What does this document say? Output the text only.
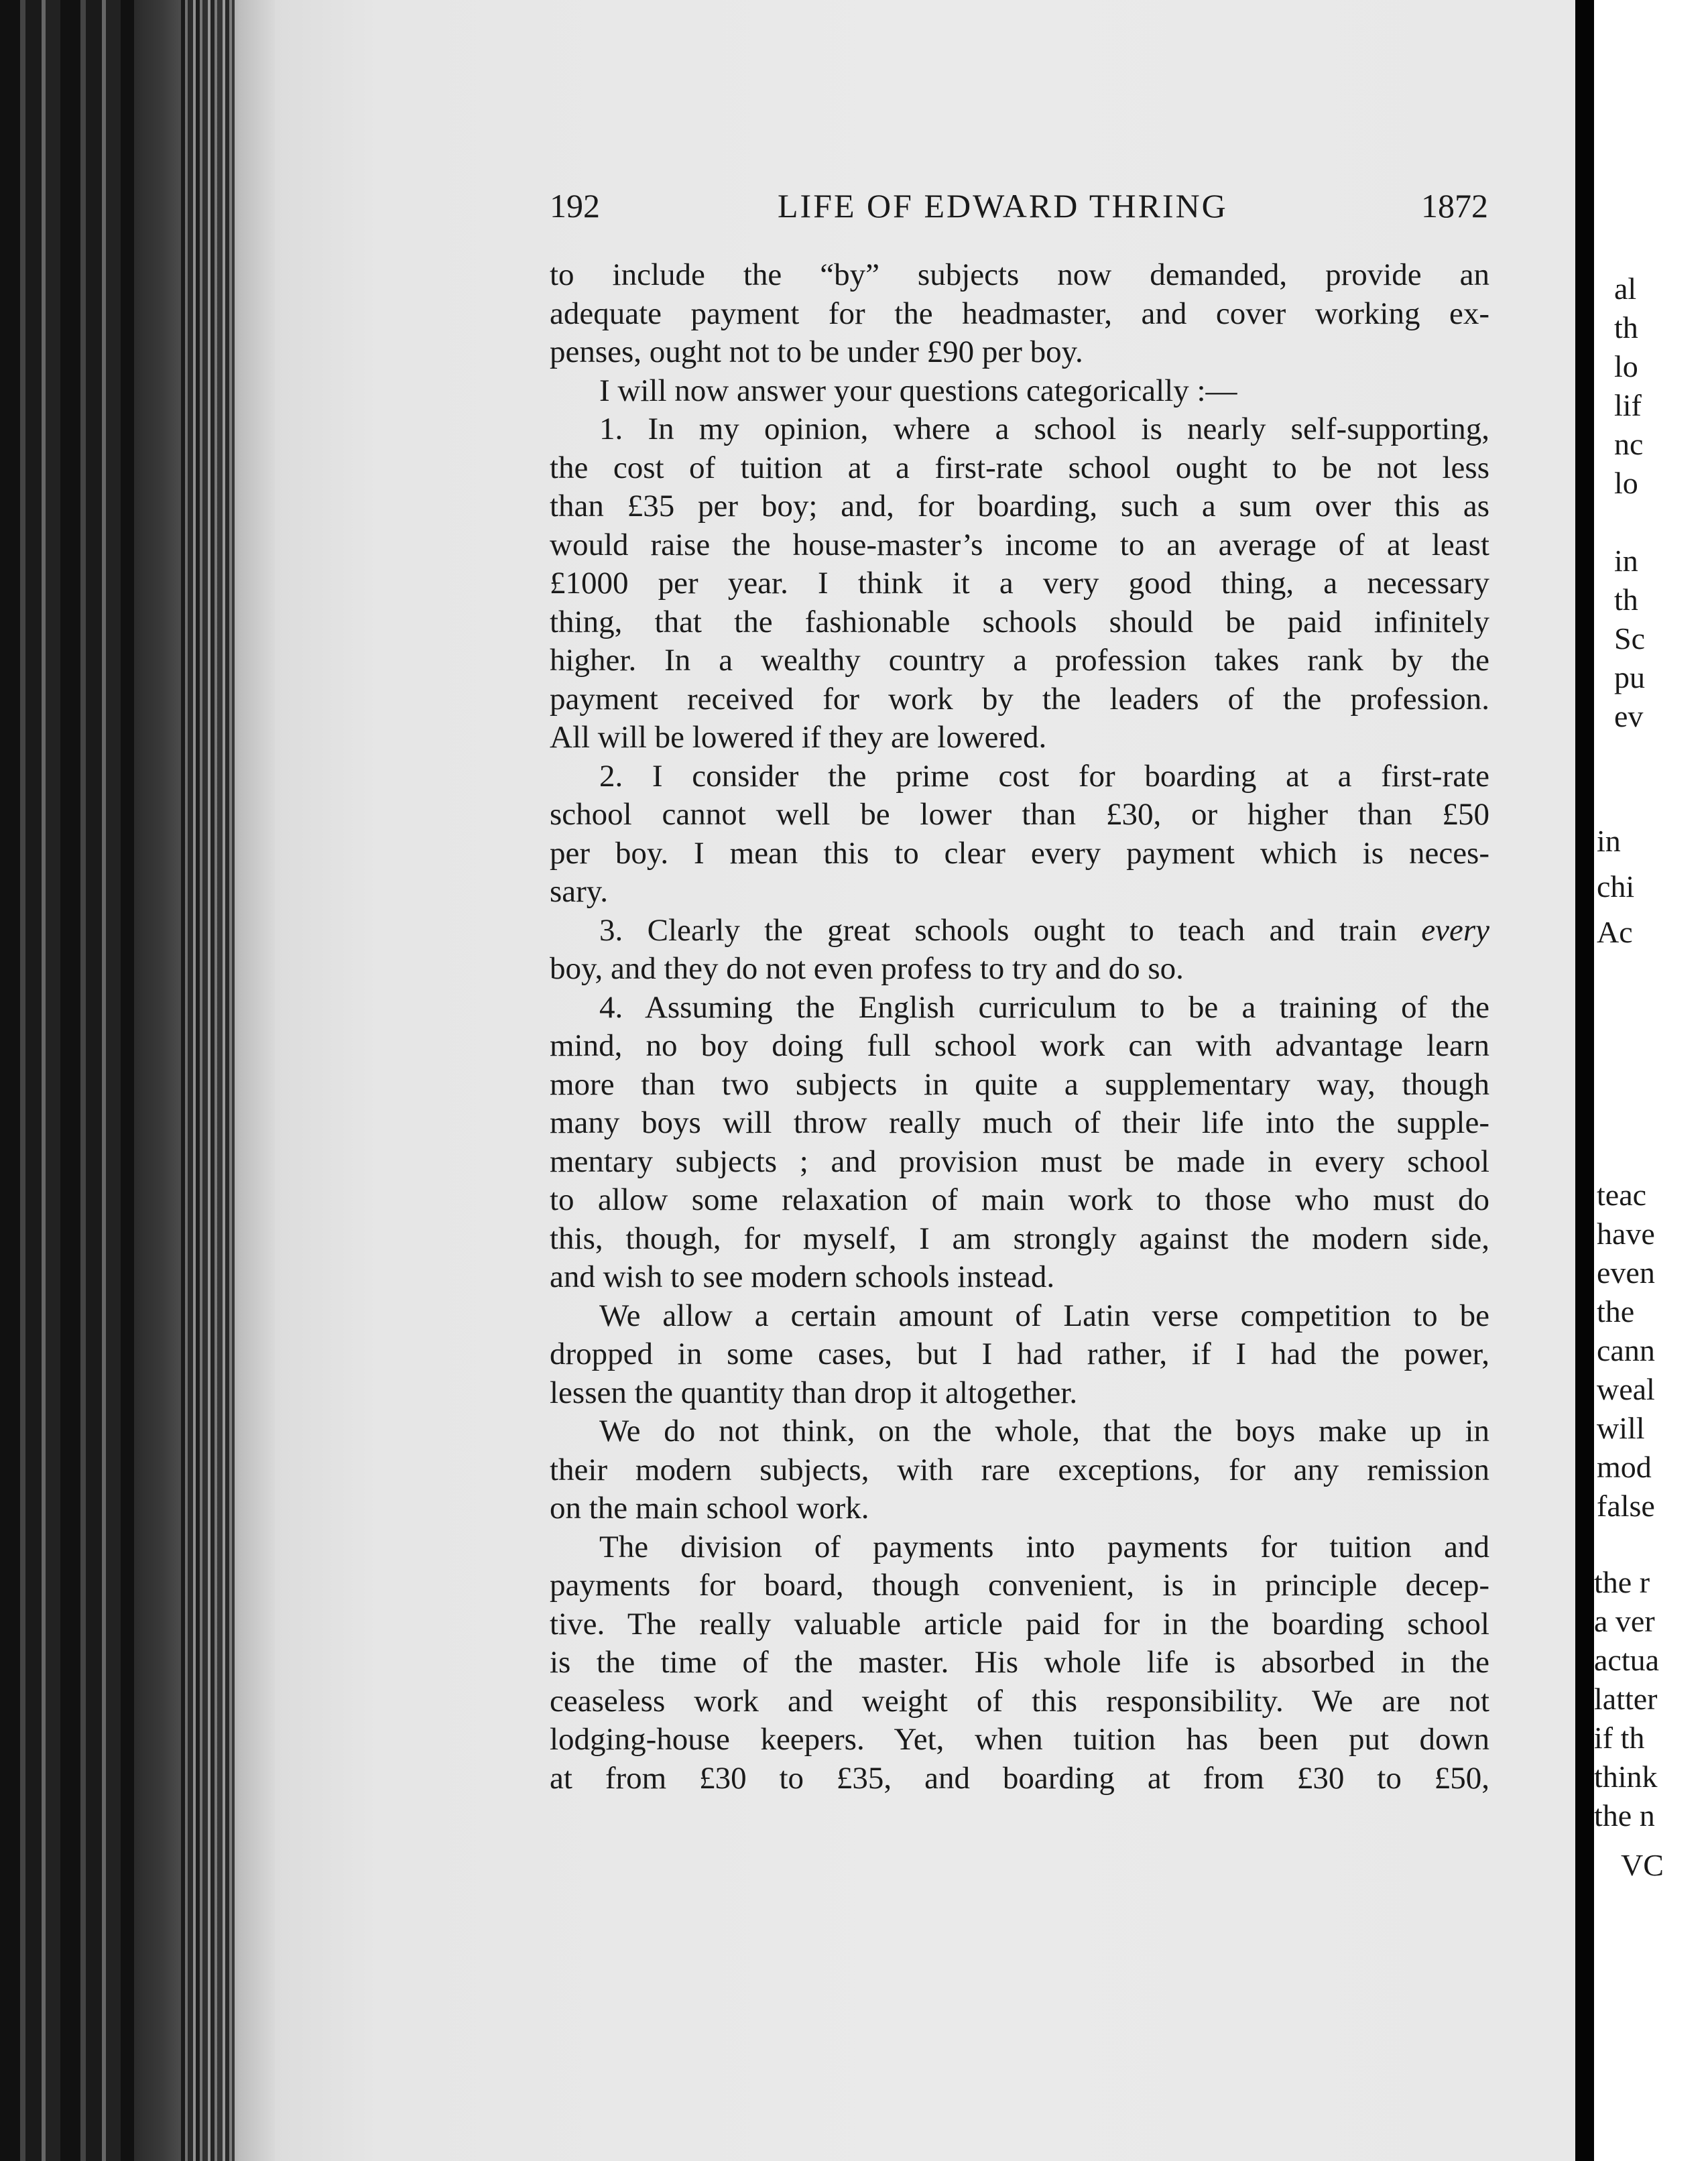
192	LIFE OF EDWARD THRING	1872
to include the “by” subjects now demanded, provide an
adequate payment for the headmaster, and cover working ex-
penses, ought not to be under £90 per boy.
I will now answer your questions categorically :—
1. In my opinion, where a school is nearly self-supporting,
the cost of tuition at a first-rate school ought to be not less
than £35 per boy; and, for boarding, such a sum over this as
would raise the house-master’s income to an average of at least
£1000 per year. I think it a very good thing, a necessary
thing, that the fashionable schools should be paid infinitely
higher. In a wealthy country a profession takes rank by the
payment received for work by the leaders of the profession.
All will be lowered if they are lowered.
2. I consider the prime cost for boarding at a first-rate
school cannot well be lower than £30, or higher than £50
per boy. I mean this to clear every payment which is neces-
sary.
3. Clearly the great schools ought to teach and train every
boy, and they do not even profess to try and do so.
4. Assuming the English curriculum to be a training of the
mind, no boy doing full school work can with advantage learn
more than two subjects in quite a supplementary way, though
many boys will throw really much of their life into the supple-
mentary subjects ; and provision must be made in every school
to allow some relaxation of main work to those who must do
this, though, for myself, I am strongly against the modern side,
and wish to see modern schools instead.
We allow a certain amount of Latin verse competition to be
dropped in some cases, but I had rather, if I had the power,
lessen the quantity than drop it altogether.
We do not think, on the whole, that the boys make up in
their modern subjects, with rare exceptions, for any remission
on the main school work.
The division of payments into payments for tuition and
payments for board, though convenient, is in principle decep-
tive. The really valuable article paid for in the boarding school
is the time of the master. His whole life is absorbed in the
ceaseless work and weight of this responsibility. We are not
lodging-house keepers. Yet, when tuition has been put down
at from £30 to £35, and boarding at from £30 to £50,
al
th
lo
lif
nc
lo
in
th
Sc
pu
ev
in
chi
Ac
teac
have
even
the
cann
weal
will
mod
false
the r
a ver
actua
latter
if th
think
the n
VC
